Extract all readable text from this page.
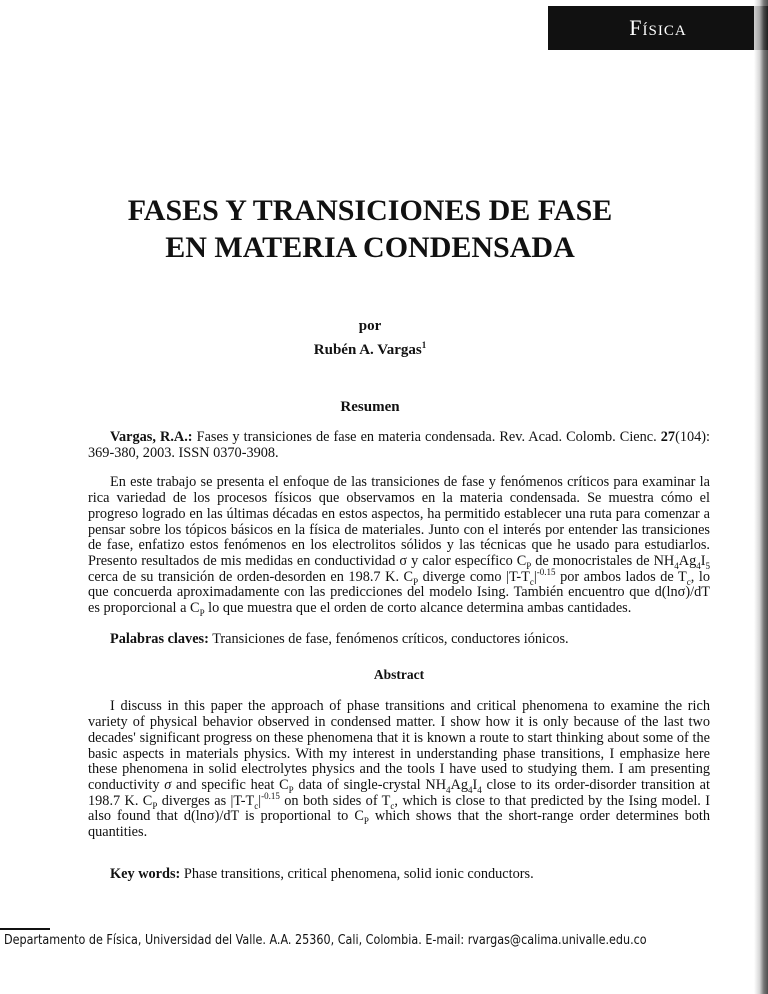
Física
FASES Y TRANSICIONES DE FASE
EN MATERIA CONDENSADA
por
Rubén A. Vargas$^1$
Resumen
Vargas, R.A.: Fases y transiciones de fase en materia condensada. Rev. Acad. Colomb. Cienc. 27(104): 369-380, 2003. ISSN 0370-3908.
En este trabajo se presenta el enfoque de las transiciones de fase y fenómenos críticos para examinar la rica variedad de los procesos físicos que observamos en la materia condensada. Se muestra cómo el progreso logrado en las últimas décadas en estos aspectos, ha permitido establecer una ruta para comenzar a pensar sobre los tópicos básicos en la física de materiales. Junto con el interés por entender las transiciones de fase, enfatizo estos fenómenos en los electrolitos sólidos y las técnicas que he usado para estudiarlos. Presento resultados de mis medidas en conductividad σ y calor específico $C_P$ de monocristales de $NH_4Ag_4I_5$ cerca de su transición de orden-desorden en 198.7 K. $C_P$ diverge como $|T-T_c|^{-0.15}$ por ambos lados de $T_c$, lo que concuerda aproximadamente con las predicciones del modelo Ising. También encuentro que d(lnσ)/dT es proporcional a $C_P$ lo que muestra que el orden de corto alcance determina ambas cantidades.
Palabras claves: Transiciones de fase, fenómenos críticos, conductores iónicos.
Abstract
I discuss in this paper the approach of phase transitions and critical phenomena to examine the rich variety of physical behavior observed in condensed matter. I show how it is only because of the last two decades' significant progress on these phenomena that it is known a route to start thinking about some of the basic aspects in materials physics. With my interest in understanding phase transitions, I emphasize here these phenomena in solid electrolytes physics and the tools I have used to studying them. I am presenting conductivity σ and specific heat $C_P$ data of single-crystal $NH_4Ag_4I_4$ close to its order-disorder transition at 198.7 K. $C_P$ diverges as $|T-T_c|^{-0.15}$ on both sides of $T_c$, which is close to that predicted by the Ising model. I also found that d(lnσ)/dT is proportional to $C_P$ which shows that the short-range order determines both quantities.
Key words: Phase transitions, critical phenomena, solid ionic conductors.
Departamento de Física, Universidad del Valle. A.A. 25360, Cali, Colombia. E-mail: rvargas@calima.univalle.edu.co
